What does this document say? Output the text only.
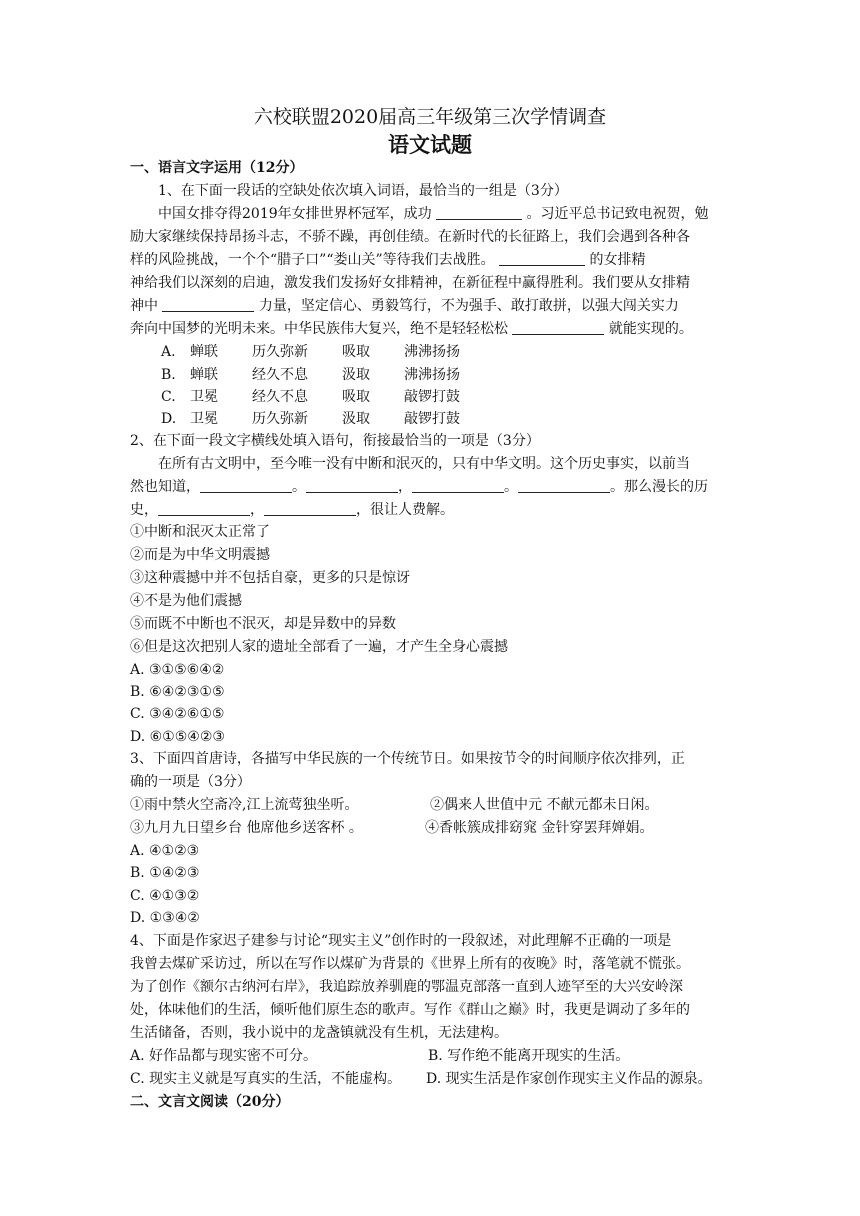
六校联盟2020届高三年级第三次学情调查
语文试题
一、语言文字运用（12分）
1、在下面一段话的空缺处依次填入词语，最恰当的一组是（3分）
中国女排夺得2019年女排世界杯冠军，成功	。习近平总书记致电祝贺，勉
励大家继续保持昂扬斗志，不骄不躁，再创佳绩。在新时代的长征路上，我们会遇到各种各
样的风险挑战，一个个“腊子口”“娄山关”等待我们去战胜。	的女排精
神给我们以深刻的启迪，激发我们发扬好女排精神，在新征程中赢得胜利。我们要从女排精
神中	力量，坚定信心、勇毅笃行，不为强手、敢打敢拼，以强大闯关实力
奔向中国梦的光明未来。中华民族伟大复兴，绝不是轻轻松松	就能实现的。
A. 蝉联 历久弥新 吸取 沸沸扬扬
B. 蝉联 经久不息 汲取 沸沸扬扬
C. 卫冕 经久不息 吸取 敲锣打鼓
D. 卫冕 历久弥新 汲取 敲锣打鼓
2、在下面一段文字横线处填入语句，衔接最恰当的一项是（3分）
在所有古文明中，至今唯一没有中断和泯灭的，只有中华文明。这个历史事实，以前当
然也知道，	。	，	。	。那么漫长的历
史，	，	，很让人费解。
①中断和泯灭太正常了
②而是为中华文明震撼
③这种震撼中并不包括自豪，更多的只是惊讶
④不是为他们震撼
⑤而既不中断也不泯灭，却是异数中的异数
⑥但是这次把别人家的遗址全部看了一遍，才产生全身心震撼
A. ③①⑤⑥④②
B. ⑥④②③①⑤
C. ③④②⑥①⑤
D. ⑥①⑤④②③
3、下面四首唐诗，各描写中华民族的一个传统节日。如果按节令的时间顺序依次排列，正
确的一项是（3分）
①雨中禁火空斋冷,江上流莺独坐听。	②偶来人世值中元 不献元都未日闲。
③九月九日望乡台 他席他乡送客杯 。	④香帐簇成排窈窕 金针穿罢拜婵娟。
A. ④①②③
B. ①④②③
C. ④①③②
D. ①③④②
4、下面是作家迟子建参与讨论“现实主义”创作时的一段叙述，对此理解不正确的一项是
我曾去煤矿采访过，所以在写作以煤矿为背景的《世界上所有的夜晚》时，落笔就不慌张。
为了创作《额尔古纳河右岸》，我追踪放养驯鹿的鄂温克部落一直到人迹罕至的大兴安岭深
处，体味他们的生活，倾听他们原生态的歌声。写作《群山之巅》时，我更是调动了多年的
生活储备，否则，我小说中的龙盏镇就没有生机，无法建构。
A. 好作品都与现实密不可分。	B. 写作绝不能离开现实的生活。
C. 现实主义就是写真实的生活，不能虚构。 D. 现实生活是作家创作现实主义作品的源泉。
二、文言文阅读（20分）
